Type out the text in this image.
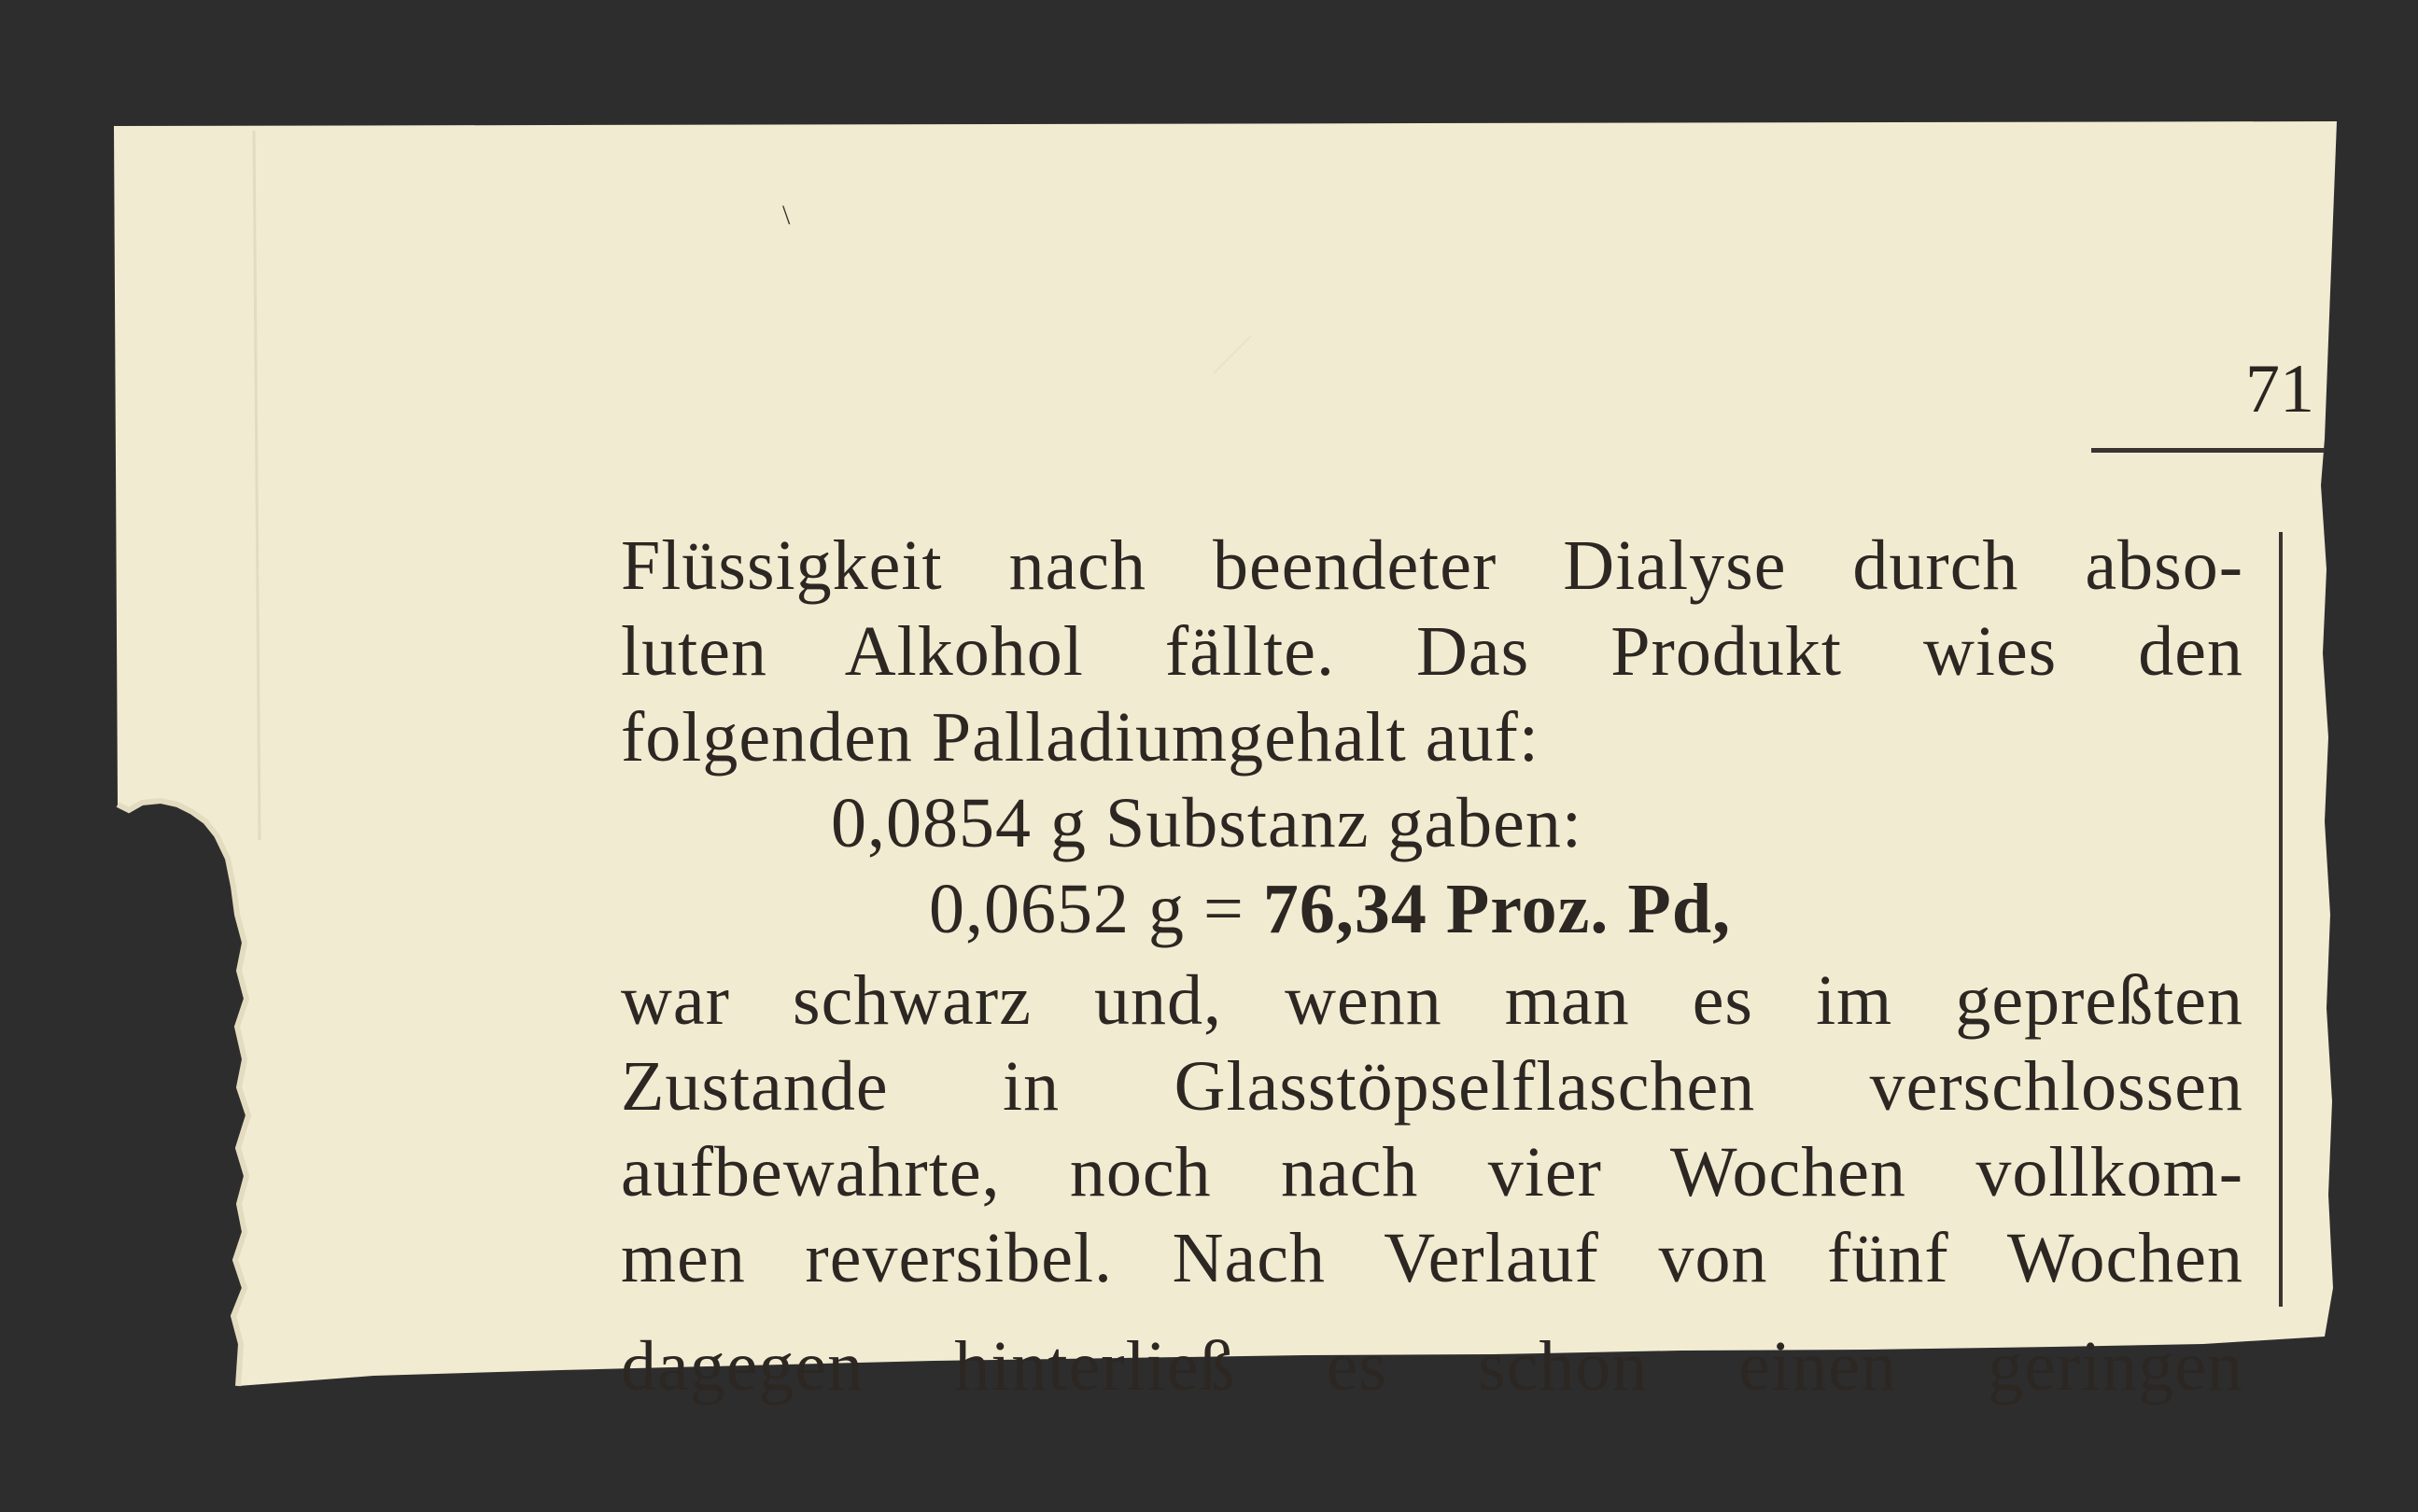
\
71
Flüssigkeit nach beendeter Dialyse durch abso-
luten Alkohol fällte. Das Produkt wies den
folgenden Palladiumgehalt auf:
0,0854 g Substanz gaben:
0,0652 g = 76,34 Proz. Pd,
war schwarz und, wenn man es im gepreßten
Zustande in Glasstöpselflaschen verschlossen
aufbewahrte, noch nach vier Wochen vollkom-
men reversibel. Nach Verlauf von fünf Wochen
dagegen hinterließ es schon einen geringen
